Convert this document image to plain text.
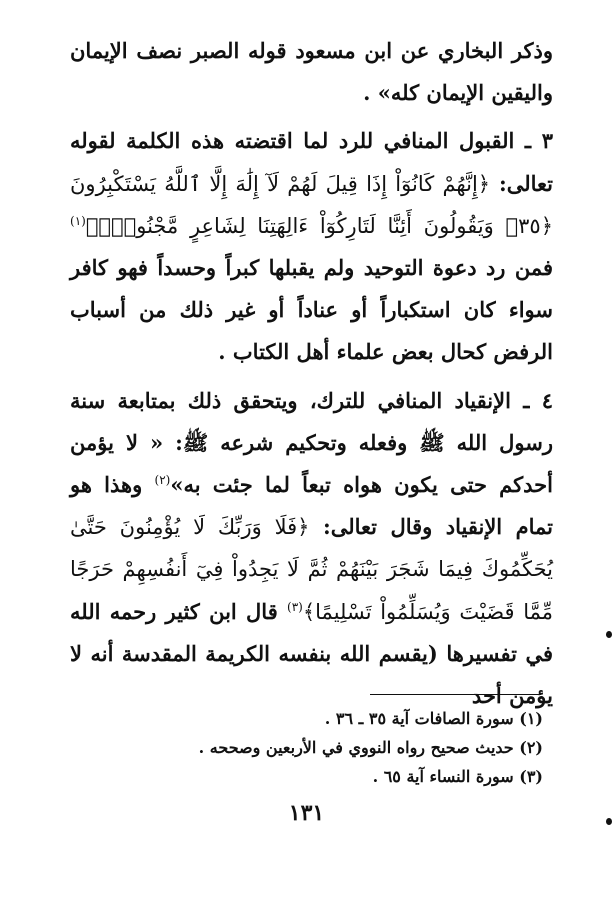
وذكر البخاري عن ابن مسعود قوله الصبر نصف الإيمان واليقين الإيمان كله» .

٣ ـ القبول المنافي للرد لما اقتضته هذه الكلمة لقوله تعالى: ﴿إِنَّهُمْ كَانُوٓاْ إِذَا قِيلَ لَهُمْ لَآ إِلَٰهَ إِلَّا ٱللَّهُ يَسْتَكْبِرُونَ ﴿٣٥﴾ وَيَقُولُونَ أَئِنَّا لَتَارِكُوٓاْ ءَالِهَتِنَا لِشَاعِرٍ مَّجْنُونٍۭ﴾$^{(١)}$ فمن رد دعوة التوحيد ولم يقبلها كبراً وحسداً فهو كافر سواء كان استكباراً أو عناداً أو غير ذلك من أسباب الرفض كحال بعض علماء أهل الكتاب .

٤ ـ الإنقياد المنافي للترك، ويتحقق ذلك بمتابعة سنة رسول الله ﷺ وفعله وتحكيم شرعه ﷺ: « لا يؤمن أحدكم حتى يكون هواه تبعاً لما جئت به»$^{(٢)}$ وهذا هو تمام الإنقياد وقال تعالى: ﴿فَلَا وَرَبِّكَ لَا يُؤْمِنُونَ حَتَّىٰ يُحَكِّمُوكَ فِيمَا شَجَرَ بَيْنَهُمْ ثُمَّ لَا يَجِدُواْ فِيٓ أَنفُسِهِمْ حَرَجًا مِّمَّا قَضَيْتَ وَيُسَلِّمُواْ تَسْلِيمًا﴾$^{(٣)}$ قال ابن كثير رحمه الله في تفسيرها (يقسم الله بنفسه الكريمة المقدسة أنه لا يؤمن أحد

(١) سورة الصافات آية ٣٥ ـ ٣٦ .

(٢) حديث صحيح رواه النووي في الأربعين وصححه .

(٣) سورة النساء آية ٦٥ .

١٣١
